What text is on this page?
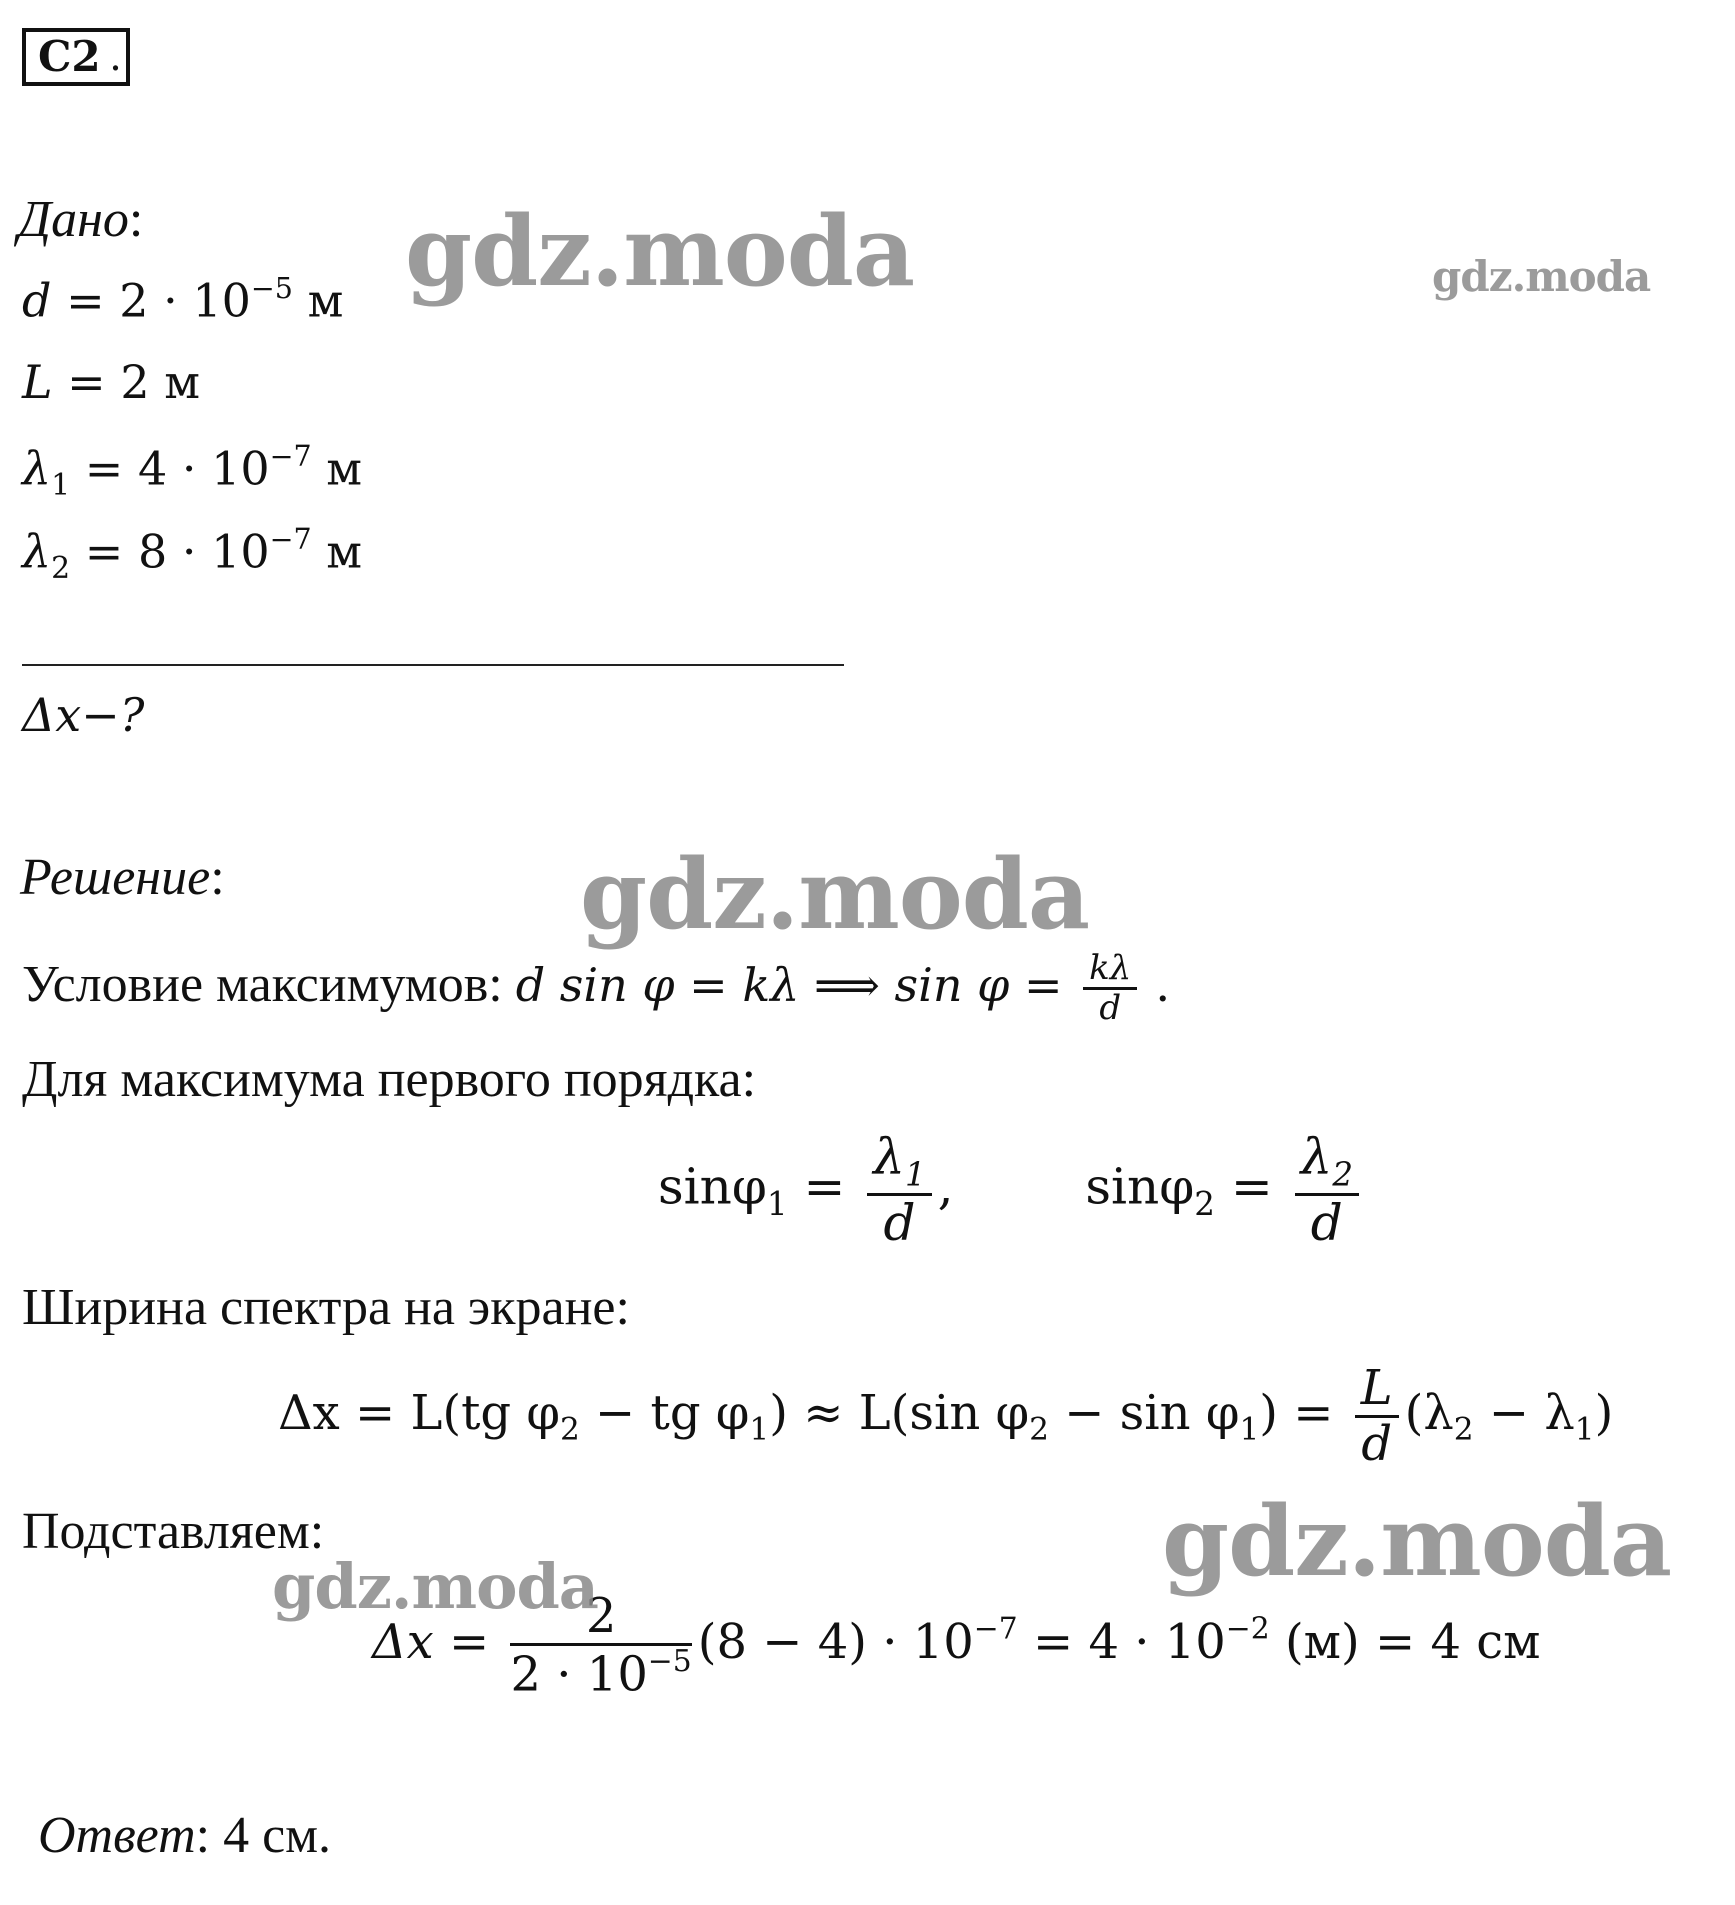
C2 .
Дано:
$d = 2 \cdot 10^{-5}$ м
L = 2 м
$\lambda_1 = 4 \cdot 10^{-7}$ м
$\lambda_2 = 8 \cdot 10^{-7}$ м
Δx−?
Решение:
Условие максимумов: d sin φ = kλ ⟹ $\sin \varphi = \frac{k\lambda}{d}$ .
Для максимума первого порядка:
$\sin\varphi_1 = \frac{\lambda_1}{d}$ ,	$\sin\varphi_2 = \frac{\lambda_2}{d}$
Ширина спектра на экране:
Δx = L(tg $\varphi_2$ − tg $\varphi_1) \approx L(\sin$ $\varphi_2 - \sin \varphi_1) = \frac{L}{d} (\lambda_2 - \lambda_1)$
Подставляем:
$\Delta x = \frac{2}{2 \cdot 10^{-5}} (8 - 4) \cdot 10^{-7} = 4 \cdot 10^{-2}$ (м) = 4 см
Ответ: 4 см.
gdz.moda	gdz.moda
gdz.moda
gdz.moda
gdz.moda
